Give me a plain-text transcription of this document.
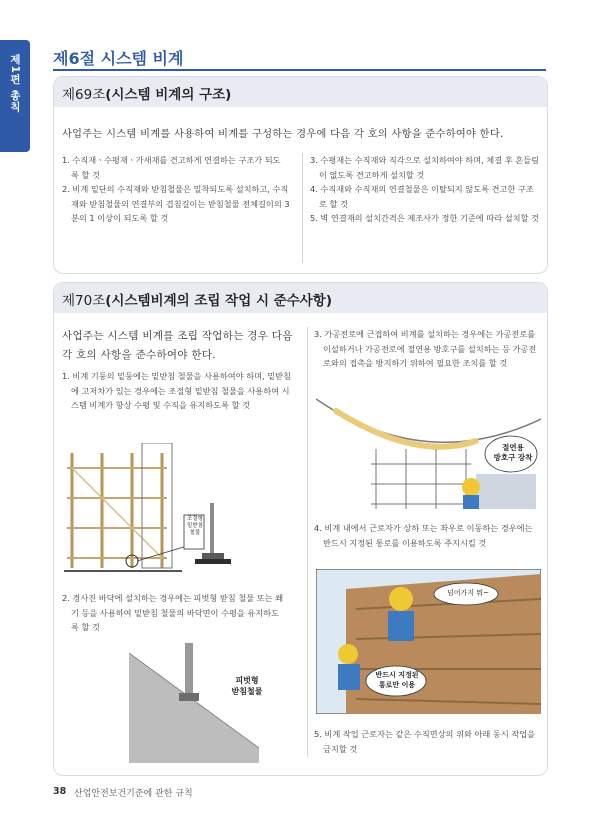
제1편 총칙 제6절 시스템 비계
제69조(시스템 비계의 구조)
사업주는 시스템 비계를 사용하여 비계를 구성하는 경우에 다음 각 호의 사항을 준수하여야 한다.
1. 수직재ㆍ수평재ㆍ가새재를 견고하게 연결하는 구조가 되도
록 할 것
2. 비계 밑단의 수직재와 받침철물은 밀착되도록 설치하고, 수직
재와 받침철물의 연결부의 겹침길이는 받침철물 전체길이의 3
분의 1 이상이 되도록 할 것
3. 수평재는 수직재와 직각으로 설치하여야 하며, 체결 후 흔들림
이 없도록 견고하게 설치할 것
4. 수직재와 수직재의 연결철물은 이탈되지 않도록 견고한 구조
로 할 것
5. 벽 연결재의 설치간격은 제조사가 정한 기준에 따라 설치할 것
제70조(시스템비계의 조립 작업 시 준수사항)
사업주는 시스템 비계를 조립 작업하는 경우 다음
각 호의 사항을 준수하여야 한다.
1. 비계 기둥의 밑둥에는 밑받침 철물을 사용하여야 하며, 밑받침
에 고저차가 있는 경우에는 조절형 밑받침 철물을 사용하여 시
스템 비계가 항상 수평 및 수직을 유지하도록 할 것
조절형
밑받침
철물
2. 경사진 바닥에 설치하는 경우에는 피벗형 받침 철물 또는 쐐
기 등을 사용하여 밑받침 철물의 바닥면이 수평을 유지하도
록 할 것
피벗형
받침철물
3. 가공전로에 근접하여 비계를 설치하는 경우에는 가공전로를
이설하거나 가공전로에 절연용 방호구를 설치하는 등 가공전
로와의 접촉을 방지하기 위하여 필요한 조치를 할 것
절연용
방호구 장착
4. 비계 내에서 근로자가 상하 또는 좌우로 이동하는 경우에는
반드시 지정된 통로를 이용하도록 주지시킬 것
넘어가지 뭐~
반드시 지정된
통로만 이용
5. 비계 작업 근로자는 같은 수직면상의 위와 아래 동시 작업을
금지할 것
38 산업안전보건기준에 관한 규칙
